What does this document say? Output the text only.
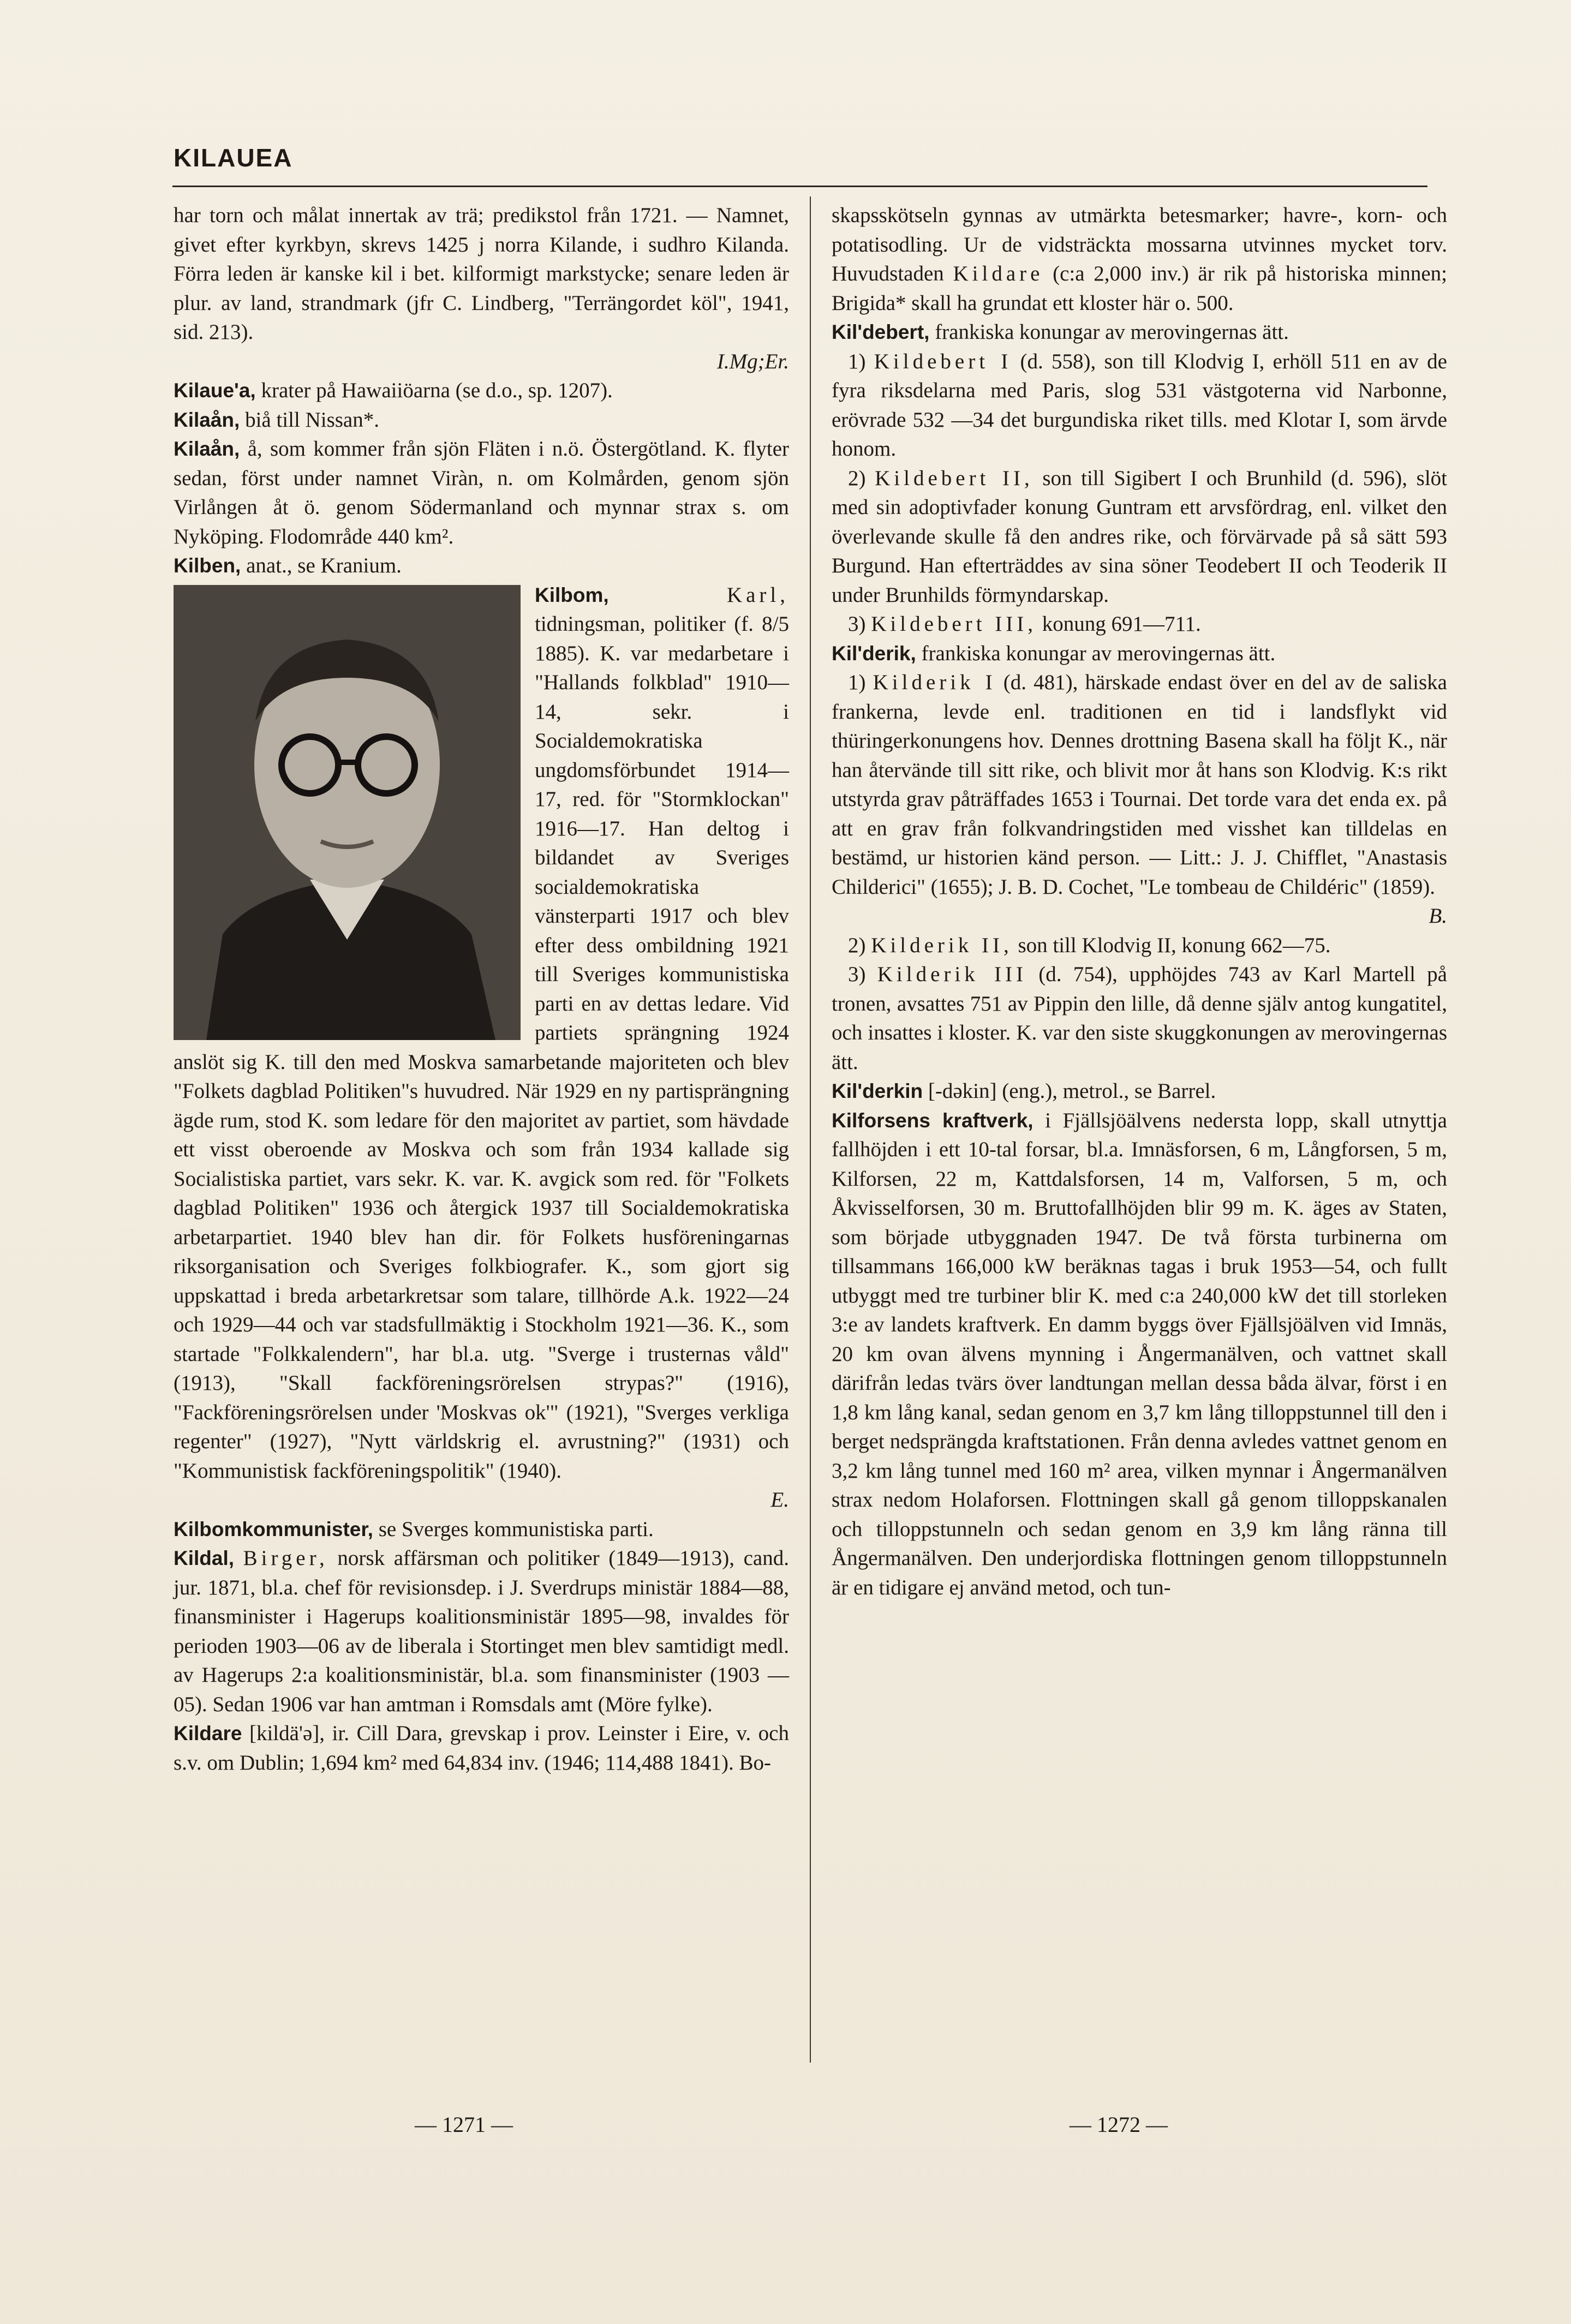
KILAUEA

har torn och målat innertak av trä; predikstol från 1721. — Namnet, givet efter kyrkbyn, skrevs 1425 j norra Kilande, i sudhro Kilanda. Förra leden är kanske kil i bet. kilformigt markstycke; senare leden är plur. av land, strandmark (jfr C. Lindberg, "Terrängordet köl", 1941, sid. 213).
I.Mg;Er.

Kilaue'a, krater på Hawaiiöarna (se d.o., sp. 1207).

Kilaån, biå till Nissan*.

Kilaån, å, som kommer från sjön Fläten i n.ö. Östergötland. K. flyter sedan, först under namnet Viràn, n. om Kolmården, genom sjön Virlången åt ö. genom Södermanland och mynnar strax s. om Nyköping. Flodområde 440 km².

Kilben, anat., se Kranium.

Kilbom,	Karl, tidningsman, politiker (f. 8/5 1885). K. var medarbetare i "Hallands folkblad" 1910—14, sekr. i Socialdemokratiska ungdomsförbundet 1914—17, red. för "Stormklockan" 1916—17. Han deltog i bildandet av Sveriges socialdemokratiska vänsterparti 1917 och blev efter dess ombildning 1921 till Sveriges kommunistiska parti en av dettas ledare. Vid partiets sprängning 1924 anslöt sig K. till den med Moskva samarbetande majoriteten och blev "Folkets dagblad Politiken"s huvudred. När 1929 en ny partisprängning ägde rum, stod K. som ledare för den majoritet av partiet, som hävdade ett visst oberoende av Moskva och som från 1934 kallade sig Socialistiska partiet, vars sekr. K. var. K. avgick som red. för "Folkets dagblad Politiken" 1936 och återgick 1937 till Socialdemokratiska arbetarpartiet. 1940 blev han dir. för Folkets husföreningarnas riksorganisation och Sveriges folkbiografer. K., som gjort sig uppskattad i breda arbetarkretsar som talare, tillhörde A.k. 1922—24 och 1929—44 och var stadsfullmäktig i Stockholm 1921—36. K., som startade "Folkkalendern", har bl.a. utg. "Sverge i trusternas våld" (1913), "Skall fackföreningsrörelsen strypas?" (1916), "Fackföreningsrörelsen under 'Moskvas ok'" (1921), "Sverges verkliga regenter" (1927), "Nytt världskrig el. avrustning?" (1931) och "Kommunistisk fackföreningspolitik" (1940).
E.

Kilbomkommunister, se Sverges kommunistiska parti.

Kildal, Birger, norsk affärsman och politiker (1849—1913), cand. jur. 1871, bl.a. chef för revisionsdep. i J. Sverdrups ministär 1884—88, finansminister i Hagerups koalitionsministär 1895—98, invaldes för perioden 1903—06 av de liberala i Stortinget men blev samtidigt medl. av Hagerups 2:a koalitionsministär, bl.a. som finansminister (1903 —05). Sedan 1906 var han amtman i Romsdals amt (Möre fylke).

Kildare [kildä'ə], ir. Cill Dara, grevskap i prov. Leinster i Eire, v. och s.v. om Dublin; 1,694 km² med 64,834 inv. (1946; 114,488 1841). Bo-

skapsskötseln gynnas av utmärkta betesmarker; havre-, korn- och potatisodling. Ur de vidsträckta mossarna utvinnes mycket torv. Huvudstaden Kildare (c:a 2,000 inv.) är rik på historiska minnen; Brigida* skall ha grundat ett kloster här o. 500.

Kil'debert, frankiska konungar av merovingernas ätt.

1) Kildebert I (d. 558), son till Klodvig I, erhöll 511 en av de fyra riksdelarna med Paris, slog 531 västgoterna vid Narbonne, erövrade 532 —34 det burgundiska riket tills. med Klotar I, som ärvde honom.

2) Kildebert II, son till Sigibert I och Brunhild (d. 596), slöt med sin adoptivfader konung Guntram ett arvsfördrag, enl. vilket den överlevande skulle få den andres rike, och förvärvade på så sätt 593 Burgund. Han efterträddes av sina söner Teodebert II och Teoderik II under Brunhilds förmyndarskap.

3) Kildebert III, konung 691—711.

Kil'derik, frankiska konungar av merovingernas ätt.

1) Kilderik I (d. 481), härskade endast över en del av de saliska frankerna, levde enl. traditionen en tid i landsflykt vid thüringerkonungens hov. Dennes drottning Basena skall ha följt K., när han återvände till sitt rike, och blivit mor åt hans son Klodvig. K:s rikt utstyrda grav påträffades 1653 i Tournai. Det torde vara det enda ex. på att en grav från folkvandringstiden med visshet kan tilldelas en bestämd, ur historien känd person. — Litt.: J. J. Chifflet, "Anastasis Childerici" (1655); J. B. D. Cochet, "Le tombeau de Childéric" (1859).
B.

2) Kilderik II, son till Klodvig II, konung 662—75.

3) Kilderik III (d. 754), upphöjdes 743 av Karl Martell på tronen, avsattes 751 av Pippin den lille, då denne själv antog kungatitel, och insattes i kloster. K. var den siste skuggkonungen av merovingernas ätt.

Kil'derkin [-dəkin] (eng.), metrol., se Barrel.

Kilforsens kraftverk, i Fjällsjöälvens nedersta lopp, skall utnyttja fallhöjden i ett 10-tal forsar, bl.a. Imnäsforsen, 6 m, Långforsen, 5 m, Kilforsen, 22 m, Kattdalsforsen, 14 m, Valforsen, 5 m, och Åkvisselforsen, 30 m. Bruttofallhöjden blir 99 m. K. äges av Staten, som började utbyggnaden 1947. De två första turbinerna om tillsammans 166,000 kW beräknas tagas i bruk 1953—54, och fullt utbyggt med tre turbiner blir K. med c:a 240,000 kW det till storleken 3:e av landets kraftverk. En damm byggs över Fjällsjöälven vid Imnäs, 20 km ovan älvens mynning i Ångermanälven, och vattnet skall därifrån ledas tvärs över landtungan mellan dessa båda älvar, först i en 1,8 km lång kanal, sedan genom en 3,7 km lång tilloppstunnel till den i berget nedsprängda kraftstationen. Från denna avledes vattnet genom en 3,2 km lång tunnel med 160 m² area, vilken mynnar i Ångermanälven strax nedom Holaforsen. Flottningen skall gå genom tilloppskanalen och tilloppstunneln och sedan genom en 3,9 km lång ränna till Ångermanälven. Den underjordiska flottningen genom tilloppstunneln är en tidigare ej använd metod, och tun-

— 1271 —	— 1272 —
